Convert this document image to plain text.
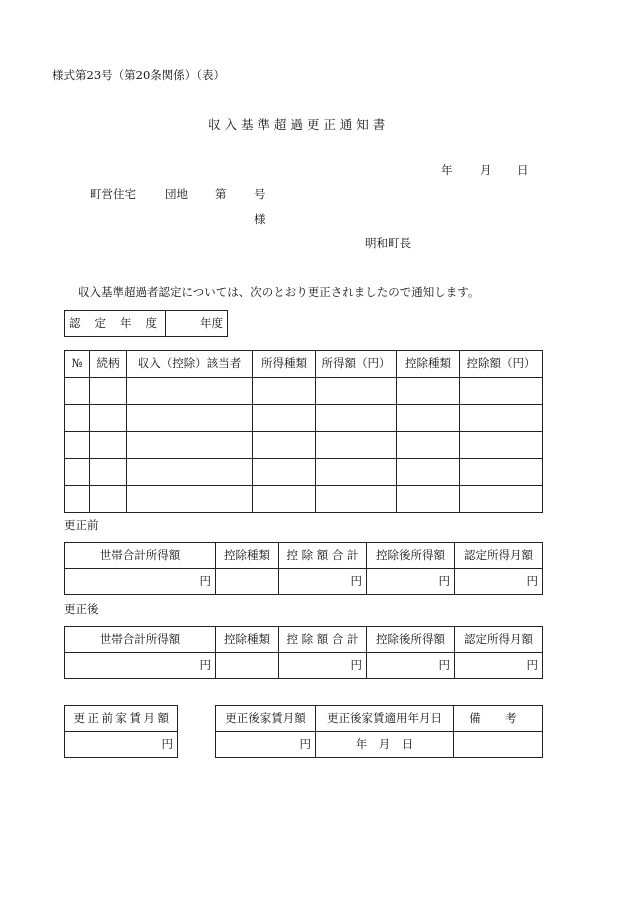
様式第23号（第20条関係）（表）
収 入 基 準 超 過 更 正 通 知 書
年 月 日
町営住宅	団地 第 号
様
明和町長
収入基準超過者認定については、次のとおり更正されましたので通知します。
認 定 年 度	年度
№	続柄	収入（控除）該当者	所得種類	所得額（円）	控除種類	控除額（円）

更正前
世帯合計所得額	控除種類	控 除 額 合 計	控除後所得額	認定所得月額
円		円	円	円
更正後
世帯合計所得額	控除種類	控 除 額 合 計	控除後所得額	認定所得月額
円		円	円	円
更 正 前 家 賃 月 額
円
更正後家賃月額	更正後家賃適用年月日	備 考
円	年　月　日	
